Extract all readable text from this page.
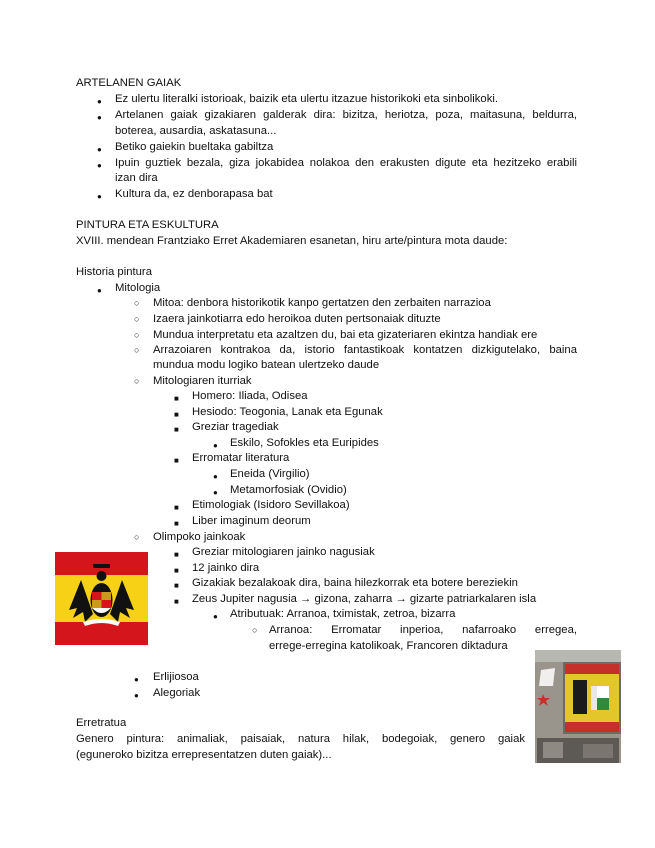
ARTELANEN GAIAK
●
Ez ulertu literalki istorioak, baizik eta ulertu itzazue historikoki eta sinbolikoki.
●
Artelanen gaiak gizakiaren galderak dira: bizitza, heriotza, poza, maitasuna, beldurra,
boterea, ausardia, askatasuna...
●
Betiko gaiekin bueltaka gabiltza
●
Ipuin guztiek bezala, giza jokabidea nolakoa den erakusten digute eta hezitzeko erabili
izan dira
●
Kultura da, ez denborapasa bat
PINTURA ETA ESKULTURA
XVIII. mendean Frantziako Erret Akademiaren esanetan, hiru arte/pintura mota daude:
Historia pintura
●
Mitologia
○
Mitoa: denbora historikotik kanpo gertatzen den zerbaiten narrazioa
○
Izaera jainkotiarra edo heroikoa duten pertsonaiak dituzte
○
Mundua interpretatu eta azaltzen du, bai eta gizateriaren ekintza handiak ere
○
Arrazoiaren kontrakoa da, istorio fantastikoak kontatzen dizkigutelako, baina
mundua modu logiko batean ulertzeko daude
○
Mitologiaren iturriak
■
Homero: Iliada, Odisea
■
Hesiodo: Teogonia, Lanak eta Egunak
■
Greziar tragediak
●
Eskilo, Sofokles eta Euripides
■
Erromatar literatura
●
Eneida (Virgilio)
●
Metamorfosiak (Ovidio)
■
Etimologiak (Isidoro Sevillakoa)
■
Liber imaginum deorum
○
Olimpoko jainkoak
■
Greziar mitologiaren jainko nagusiak
■
12 jainko dira
■
Gizakiak bezalakoak dira, baina hilezkorrak eta botere bereziekin
■
Zeus Jupiter nagusia → gizona, zaharra → gizarte patriarkalaren isla
●
Atributuak: Arranoa, tximistak, zetroa, bizarra
○
Arranoa: Erromatar inperioa, nafarroako erregea,
errege-erregina katolikoak, Francoren diktadura
●
Erlijiosoa
●
Alegoriak
Erretratua
Genero pintura: animaliak, paisaiak, natura hilak, bodegoiak, genero gaiak
(eguneroko bizitza errepresentatzen duten gaiak)...
